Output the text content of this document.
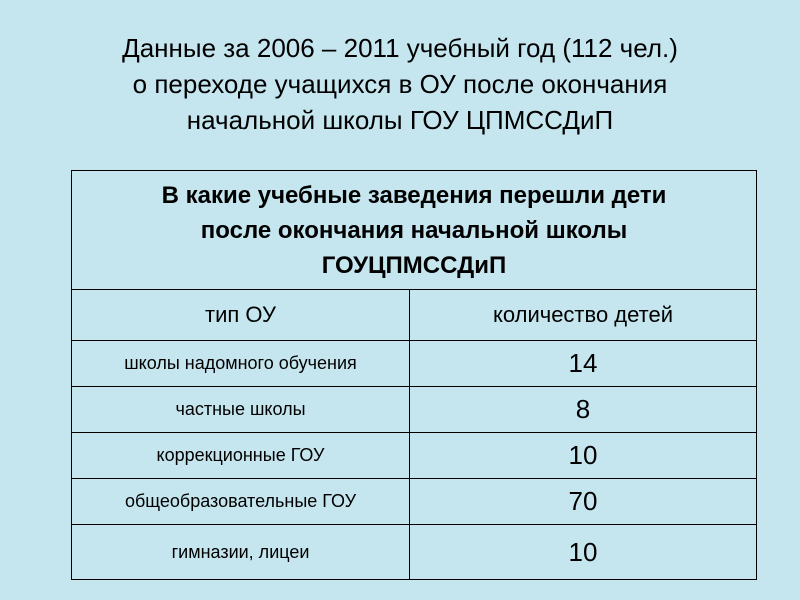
Данные за 2006 – 2011 учебный год (112 чел.)
о переходе учащихся в ОУ после окончания
начальной школы ГОУ ЦПМССДиП
В какие учебные заведения перешли дети
после окончания начальной школы
ГОУЦПМССДиП	

тип ОУ	количество детей
школы надомного обучения	14
частные школы	8
коррекционные ГОУ	10
общеобразовательные ГОУ	70
гимназии, лицеи	10
